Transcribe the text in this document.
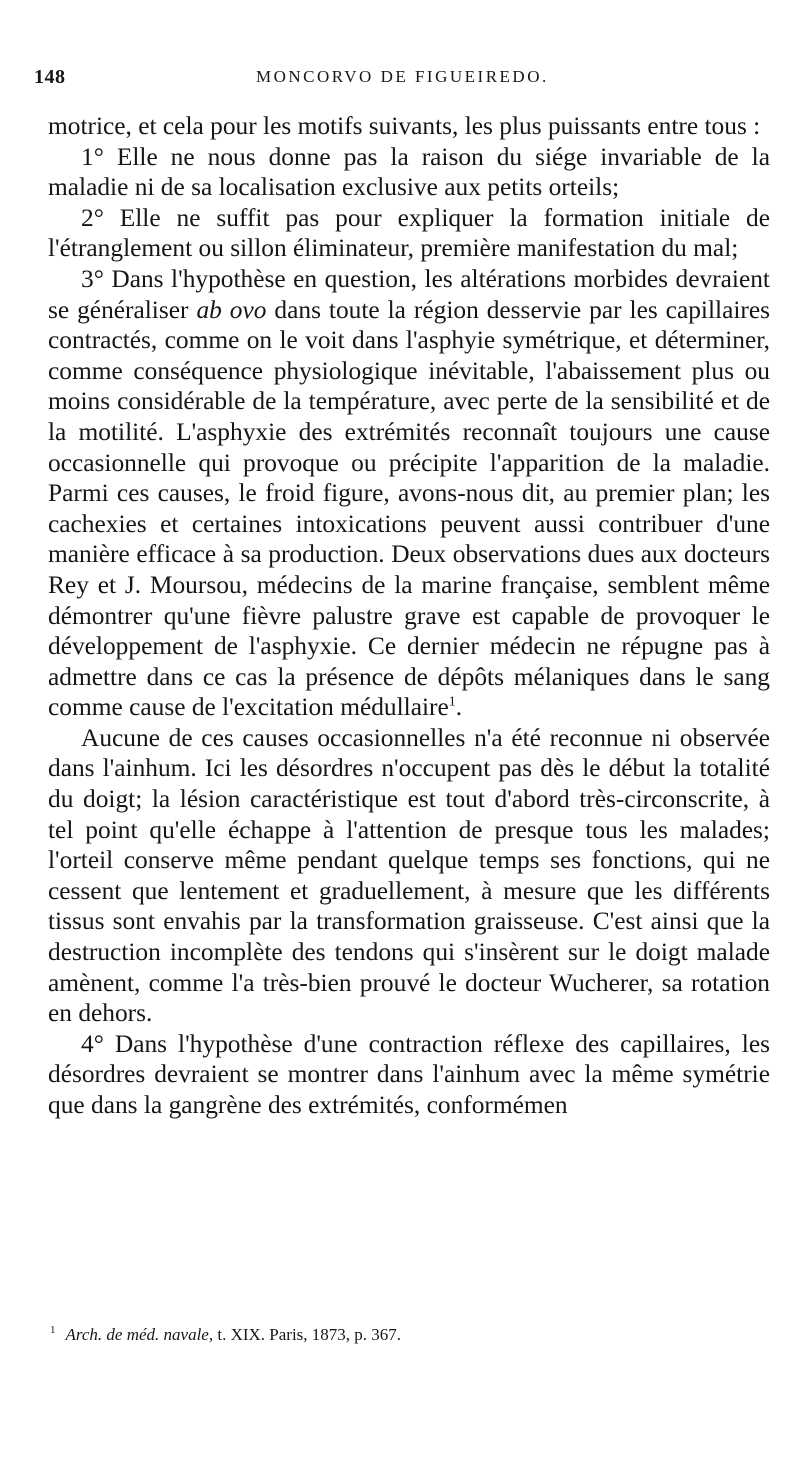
148	MONCORVO DE FIGUEIREDO.

motrice, et cela pour les motifs suivants, les plus puissants entre tous :

1° Elle ne nous donne pas la raison du siége invariable de la maladie ni de sa localisation exclusive aux petits orteils;

2° Elle ne suffit pas pour expliquer la formation initiale de l'étranglement ou sillon éliminateur, première manifestation du mal;

3° Dans l'hypothèse en question, les altérations morbides devraient se généraliser ab ovo dans toute la région desservie par les capillaires contractés, comme on le voit dans l'asphyie symétrique, et déterminer, comme conséquence physiologique inévitable, l'abaissement plus ou moins considérable de la température, avec perte de la sensibilité et de la motilité. L'asphyxie des extrémités reconnaît toujours une cause occasionnelle qui provoque ou précipite l'apparition de la maladie. Parmi ces causes, le froid figure, avons-nous dit, au premier plan; les cachexies et certaines intoxications peuvent aussi contribuer d'une manière efficace à sa production. Deux observations dues aux docteurs Rey et J. Moursou, médecins de la marine française, semblent même démontrer qu'une fièvre palustre grave est capable de provoquer le développement de l'asphyxie. Ce dernier médecin ne répugne pas à admettre dans ce cas la présence de dépôts mélaniques dans le sang comme cause de l'excitation médullaire$^1$.

Aucune de ces causes occasionnelles n'a été reconnue ni observée dans l'ainhum. Ici les désordres n'occupent pas dès le début la totalité du doigt; la lésion caractéristique est tout d'abord très-circonscrite, à tel point qu'elle échappe à l'attention de presque tous les malades; l'orteil conserve même pendant quelque temps ses fonctions, qui ne cessent que lentement et graduellement, à mesure que les différents tissus sont envahis par la transformation graisseuse. C'est ainsi que la destruction incomplète des tendons qui s'insèrent sur le doigt malade amènent, comme l'a très-bien prouvé le docteur Wucherer, sa rotation en dehors.

4° Dans l'hypothèse d'une contraction réflexe des capillaires, les désordres devraient se montrer dans l'ainhum avec la même symétrie que dans la gangrène des extrémités, conformémen

$^1$ Arch. de méd. navale, t. XIX. Paris, 1873, p. 367.
